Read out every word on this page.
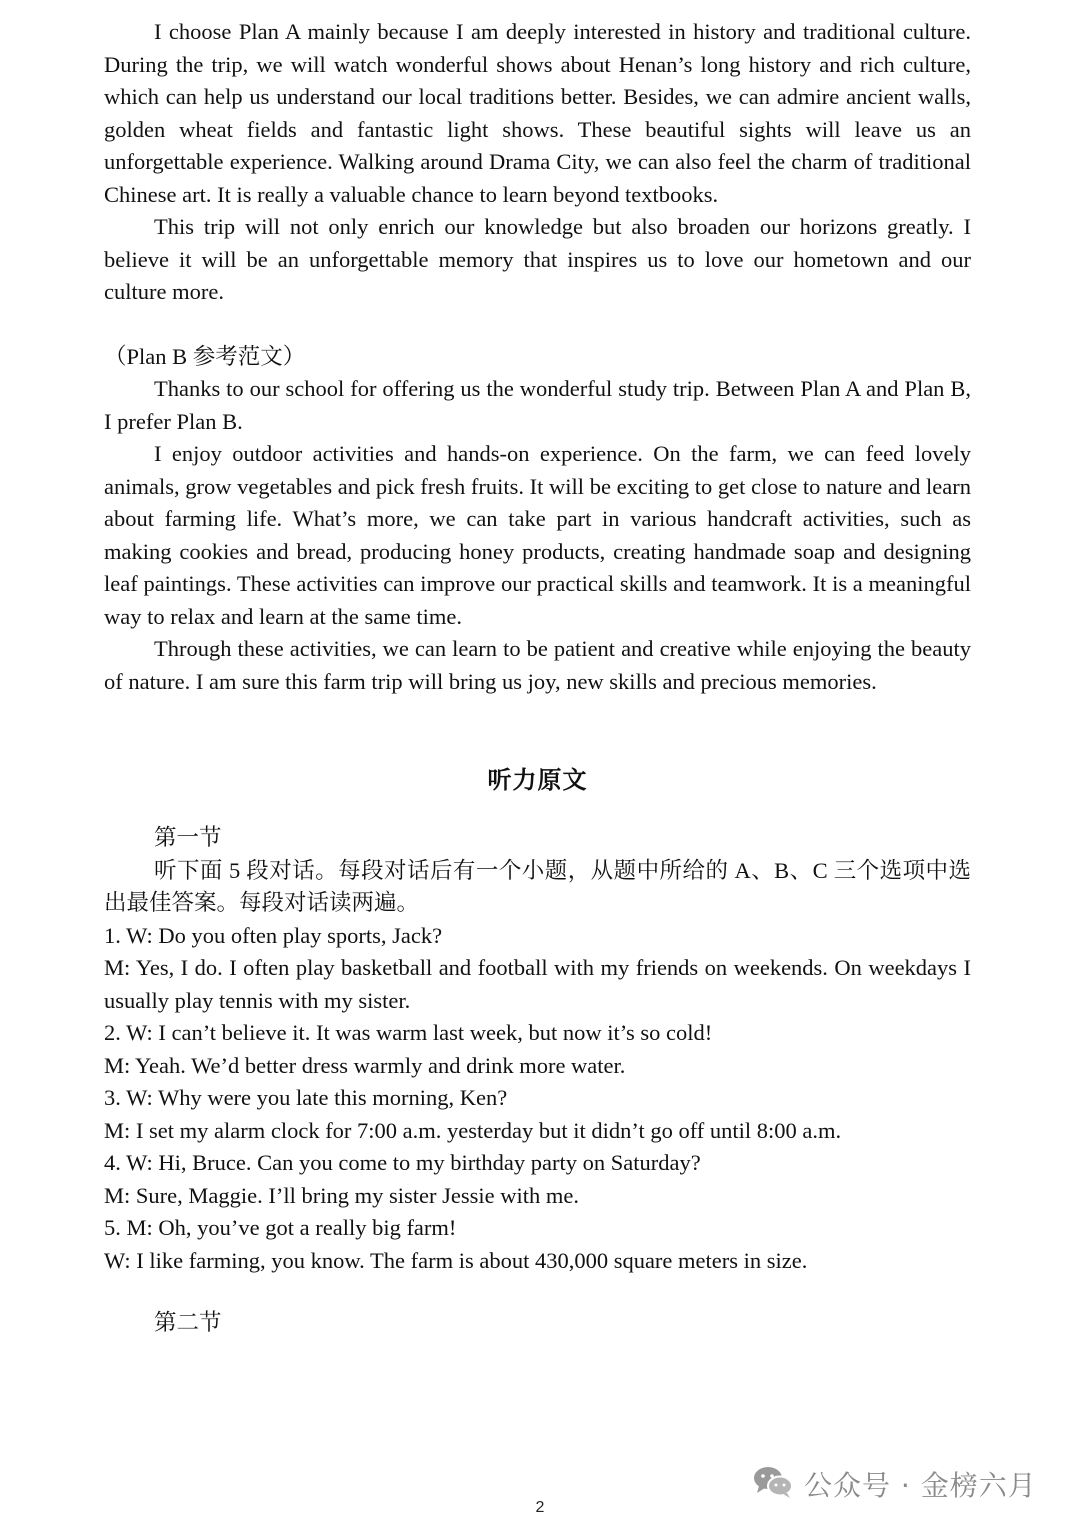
I choose Plan A mainly because I am deeply interested in history and traditional culture. During the trip, we will watch wonderful shows about Henan’s long history and rich culture, which can help us understand our local traditions better. Besides, we can admire ancient walls, golden wheat fields and fantastic light shows. These beautiful sights will leave us an unforgettable experience. Walking around Drama City, we can also feel the charm of traditional Chinese art. It is really a valuable chance to learn beyond textbooks.

This trip will not only enrich our knowledge but also broaden our horizons greatly. I believe it will be an unforgettable memory that inspires us to love our hometown and our culture more.

（Plan B 参考范文）

Thanks to our school for offering us the wonderful study trip. Between Plan A and Plan B, I prefer Plan B.

I enjoy outdoor activities and hands-on experience. On the farm, we can feed lovely animals, grow vegetables and pick fresh fruits. It will be exciting to get close to nature and learn about farming life. What’s more, we can take part in various handcraft activities, such as making cookies and bread, producing honey products, creating handmade soap and designing leaf paintings. These activities can improve our practical skills and teamwork. It is a meaningful way to relax and learn at the same time.

Through these activities, we can learn to be patient and creative while enjoying the beauty of nature. I am sure this farm trip will bring us joy, new skills and precious memories.

听力原文

第一节

听下面 5 段对话。每段对话后有一个小题，从题中所给的 A、B、C 三个选项中选出最佳答案。每段对话读两遍。

1. W: Do you often play sports, Jack?

M: Yes, I do. I often play basketball and football with my friends on weekends. On weekdays I usually play tennis with my sister.

2. W: I can’t believe it. It was warm last week, but now it’s so cold!

M: Yeah. We’d better dress warmly and drink more water.

3. W: Why were you late this morning, Ken?

M: I set my alarm clock for 7:00 a.m. yesterday but it didn’t go off until 8:00 a.m.

4. W: Hi, Bruce. Can you come to my birthday party on Saturday?

M: Sure, Maggie. I’ll bring my sister Jessie with me.

5. M: Oh, you’ve got a really big farm!

W: I like farming, you know. The farm is about 430,000 square meters in size.

第二节

公众号 · 金榜六月
2
